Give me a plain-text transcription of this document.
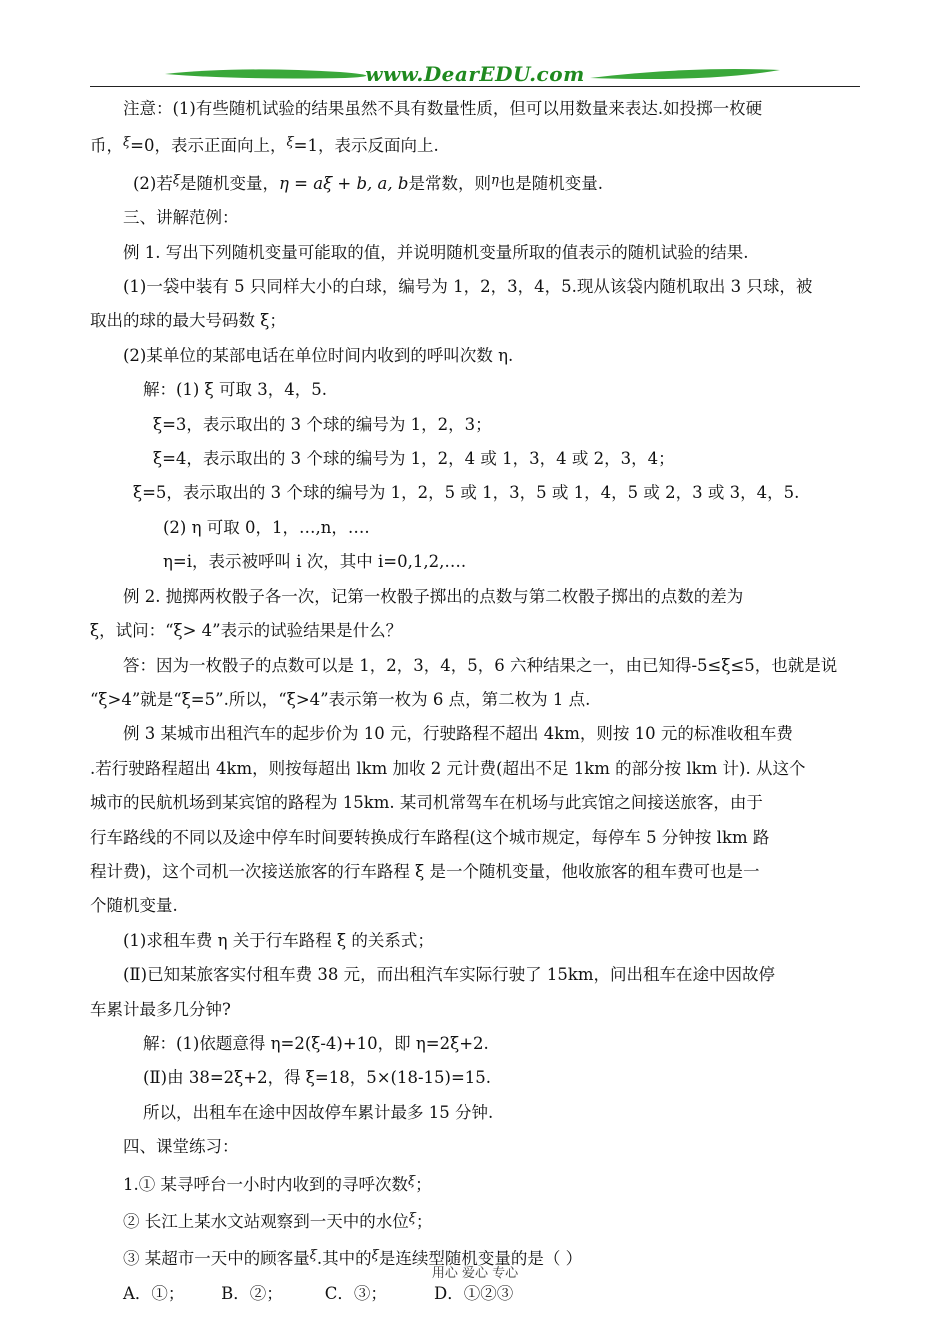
www.DearEDU.com

注意：(1)有些随机试验的结果虽然不具有数量性质，但可以用数量来表达.如投掷一枚硬

币，$^\xi$=0，表示正面向上，$^\xi$=1，表示反面向上.

(2)若$^\xi$是随机变量，η = aξ + b, a, b是常数，则$^\eta$也是随机变量.

三、讲解范例：

例 1. 写出下列随机变量可能取的值，并说明随机变量所取的值表示的随机试验的结果.

(1)一袋中装有 5 只同样大小的白球，编号为 1，2，3，4，5.现从该袋内随机取出 3 只球，被

取出的球的最大号码数 ξ；

(2)某单位的某部电话在单位时间内收到的呼叫次数 η.

解：(1) ξ 可取 3，4，5.

ξ=3，表示取出的 3 个球的编号为 1，2，3；

ξ=4，表示取出的 3 个球的编号为 1，2，4 或 1，3，4 或 2，3，4；

ξ=5，表示取出的 3 个球的编号为 1，2，5 或 1，3，5 或 1，4，5 或 2，3 或 3，4，5.

(2) η 可取 0，1，…,n，….

η=i，表示被呼叫 i 次，其中 i=0,1,2,….

例 2. 抛掷两枚骰子各一次，记第一枚骰子掷出的点数与第二枚骰子掷出的点数的差为

ξ，试问：“ξ> 4”表示的试验结果是什么？

答：因为一枚骰子的点数可以是 1，2，3，4，5，6 六种结果之一，由已知得-5≤ξ≤5，也就是说

“ξ>4”就是“ξ=5”.所以，“ξ>4”表示第一枚为 6 点，第二枚为 1 点.

例 3 某城市出租汽车的起步价为 10 元，行驶路程不超出 4km，则按 10 元的标准收租车费

.若行驶路程超出 4km，则按每超出 lkm 加收 2 元计费(超出不足 1km 的部分按 lkm 计). 从这个

城市的民航机场到某宾馆的路程为 15km. 某司机常驾车在机场与此宾馆之间接送旅客，由于

行车路线的不同以及途中停车时间要转换成行车路程(这个城市规定，每停车 5 分钟按 lkm 路

程计费)，这个司机一次接送旅客的行车路程 ξ 是一个随机变量，他收旅客的租车费可也是一

个随机变量.

(1)求租车费 η 关于行车路程 ξ 的关系式；

(Ⅱ)已知某旅客实付租车费 38 元，而出租汽车实际行驶了 15km，问出租车在途中因故停

车累计最多几分钟?

解：(1)依题意得 η=2(ξ-4)+10，即 η=2ξ+2.

(Ⅱ)由 38=2ξ+2，得 ξ=18，5×(18-15)=15.

所以，出租车在途中因故停车累计最多 15 分钟.

四、课堂练习：

1.① 某寻呼台一小时内收到的寻呼次数$^\xi$；

② 长江上某水文站观察到一天中的水位$^\xi$；

③ 某超市一天中的顾客量$^\xi$.其中的$^\xi$是连续型随机变量的是（ ）

A．①；       B．②；        C．③；         D．①②③

用心 爱心 专心
